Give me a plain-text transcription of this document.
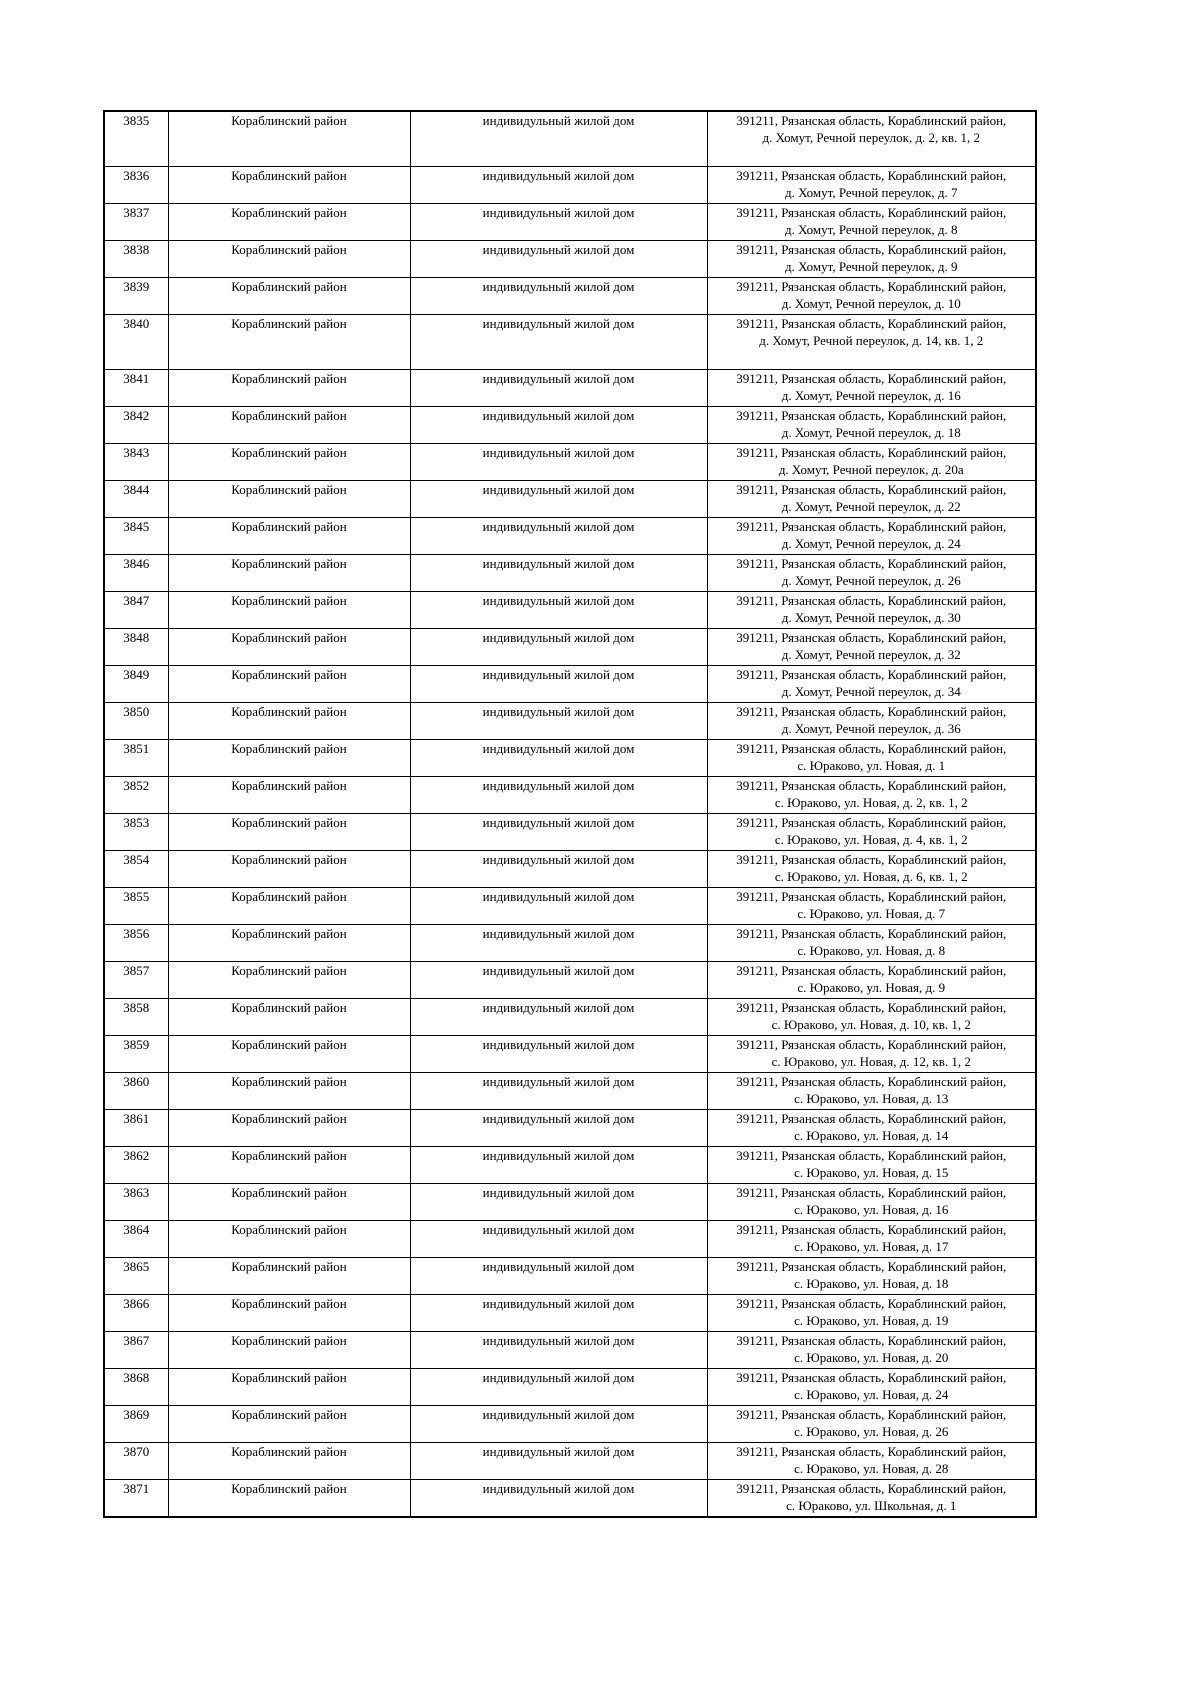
3835	Кораблинский район	индивидульный жилой дом	391211, Рязанская область, Кораблинский район,
д. Хомут, Речной переулок, д. 2, кв. 1, 2

3836	Кораблинский район	индивидульный жилой дом	391211, Рязанская область, Кораблинский район,
д. Хомут, Речной переулок, д. 7

3837	Кораблинский район	индивидульный жилой дом	391211, Рязанская область, Кораблинский район,
д. Хомут, Речной переулок, д. 8

3838	Кораблинский район	индивидульный жилой дом	391211, Рязанская область, Кораблинский район,
д. Хомут, Речной переулок, д. 9

3839	Кораблинский район	индивидульный жилой дом	391211, Рязанская область, Кораблинский район,
д. Хомут, Речной переулок, д. 10

3840	Кораблинский район	индивидульный жилой дом	391211, Рязанская область, Кораблинский район,
д. Хомут, Речной переулок, д. 14, кв. 1, 2

3841	Кораблинский район	индивидульный жилой дом	391211, Рязанская область, Кораблинский район,
д. Хомут, Речной переулок, д. 16

3842	Кораблинский район	индивидульный жилой дом	391211, Рязанская область, Кораблинский район,
д. Хомут, Речной переулок, д. 18

3843	Кораблинский район	индивидульный жилой дом	391211, Рязанская область, Кораблинский район,
д. Хомут, Речной переулок, д. 20а

3844	Кораблинский район	индивидульный жилой дом	391211, Рязанская область, Кораблинский район,
д. Хомут, Речной переулок, д. 22

3845	Кораблинский район	индивидульный жилой дом	391211, Рязанская область, Кораблинский район,
д. Хомут, Речной переулок, д. 24

3846	Кораблинский район	индивидульный жилой дом	391211, Рязанская область, Кораблинский район,
д. Хомут, Речной переулок, д. 26

3847	Кораблинский район	индивидульный жилой дом	391211, Рязанская область, Кораблинский район,
д. Хомут, Речной переулок, д. 30

3848	Кораблинский район	индивидульный жилой дом	391211, Рязанская область, Кораблинский район,
д. Хомут, Речной переулок, д. 32

3849	Кораблинский район	индивидульный жилой дом	391211, Рязанская область, Кораблинский район,
д. Хомут, Речной переулок, д. 34

3850	Кораблинский район	индивидульный жилой дом	391211, Рязанская область, Кораблинский район,
д. Хомут, Речной переулок, д. 36

3851	Кораблинский район	индивидульный жилой дом	391211, Рязанская область, Кораблинский район,
с. Юраково, ул. Новая, д. 1

3852	Кораблинский район	индивидульный жилой дом	391211, Рязанская область, Кораблинский район,
с. Юраково, ул. Новая, д. 2, кв. 1, 2

3853	Кораблинский район	индивидульный жилой дом	391211, Рязанская область, Кораблинский район,
с. Юраково, ул. Новая, д. 4, кв. 1, 2

3854	Кораблинский район	индивидульный жилой дом	391211, Рязанская область, Кораблинский район,
с. Юраково, ул. Новая, д. 6, кв. 1, 2

3855	Кораблинский район	индивидульный жилой дом	391211, Рязанская область, Кораблинский район,
с. Юраково, ул. Новая, д. 7

3856	Кораблинский район	индивидульный жилой дом	391211, Рязанская область, Кораблинский район,
с. Юраково, ул. Новая, д. 8

3857	Кораблинский район	индивидульный жилой дом	391211, Рязанская область, Кораблинский район,
с. Юраково, ул. Новая, д. 9

3858	Кораблинский район	индивидульный жилой дом	391211, Рязанская область, Кораблинский район,
с. Юраково, ул. Новая, д. 10, кв. 1, 2

3859	Кораблинский район	индивидульный жилой дом	391211, Рязанская область, Кораблинский район,
с. Юраково, ул. Новая, д. 12, кв. 1, 2

3860	Кораблинский район	индивидульный жилой дом	391211, Рязанская область, Кораблинский район,
с. Юраково, ул. Новая, д. 13

3861	Кораблинский район	индивидульный жилой дом	391211, Рязанская область, Кораблинский район,
с. Юраково, ул. Новая, д. 14

3862	Кораблинский район	индивидульный жилой дом	391211, Рязанская область, Кораблинский район,
с. Юраково, ул. Новая, д. 15

3863	Кораблинский район	индивидульный жилой дом	391211, Рязанская область, Кораблинский район,
с. Юраково, ул. Новая, д. 16

3864	Кораблинский район	индивидульный жилой дом	391211, Рязанская область, Кораблинский район,
с. Юраково, ул. Новая, д. 17

3865	Кораблинский район	индивидульный жилой дом	391211, Рязанская область, Кораблинский район,
с. Юраково, ул. Новая, д. 18

3866	Кораблинский район	индивидульный жилой дом	391211, Рязанская область, Кораблинский район,
с. Юраково, ул. Новая, д. 19

3867	Кораблинский район	индивидульный жилой дом	391211, Рязанская область, Кораблинский район,
с. Юраково, ул. Новая, д. 20

3868	Кораблинский район	индивидульный жилой дом	391211, Рязанская область, Кораблинский район,
с. Юраково, ул. Новая, д. 24

3869	Кораблинский район	индивидульный жилой дом	391211, Рязанская область, Кораблинский район,
с. Юраково, ул. Новая, д. 26

3870	Кораблинский район	индивидульный жилой дом	391211, Рязанская область, Кораблинский район,
с. Юраково, ул. Новая, д. 28

3871	Кораблинский район	индивидульный жилой дом	391211, Рязанская область, Кораблинский район,
с. Юраково, ул. Школьная, д. 1
